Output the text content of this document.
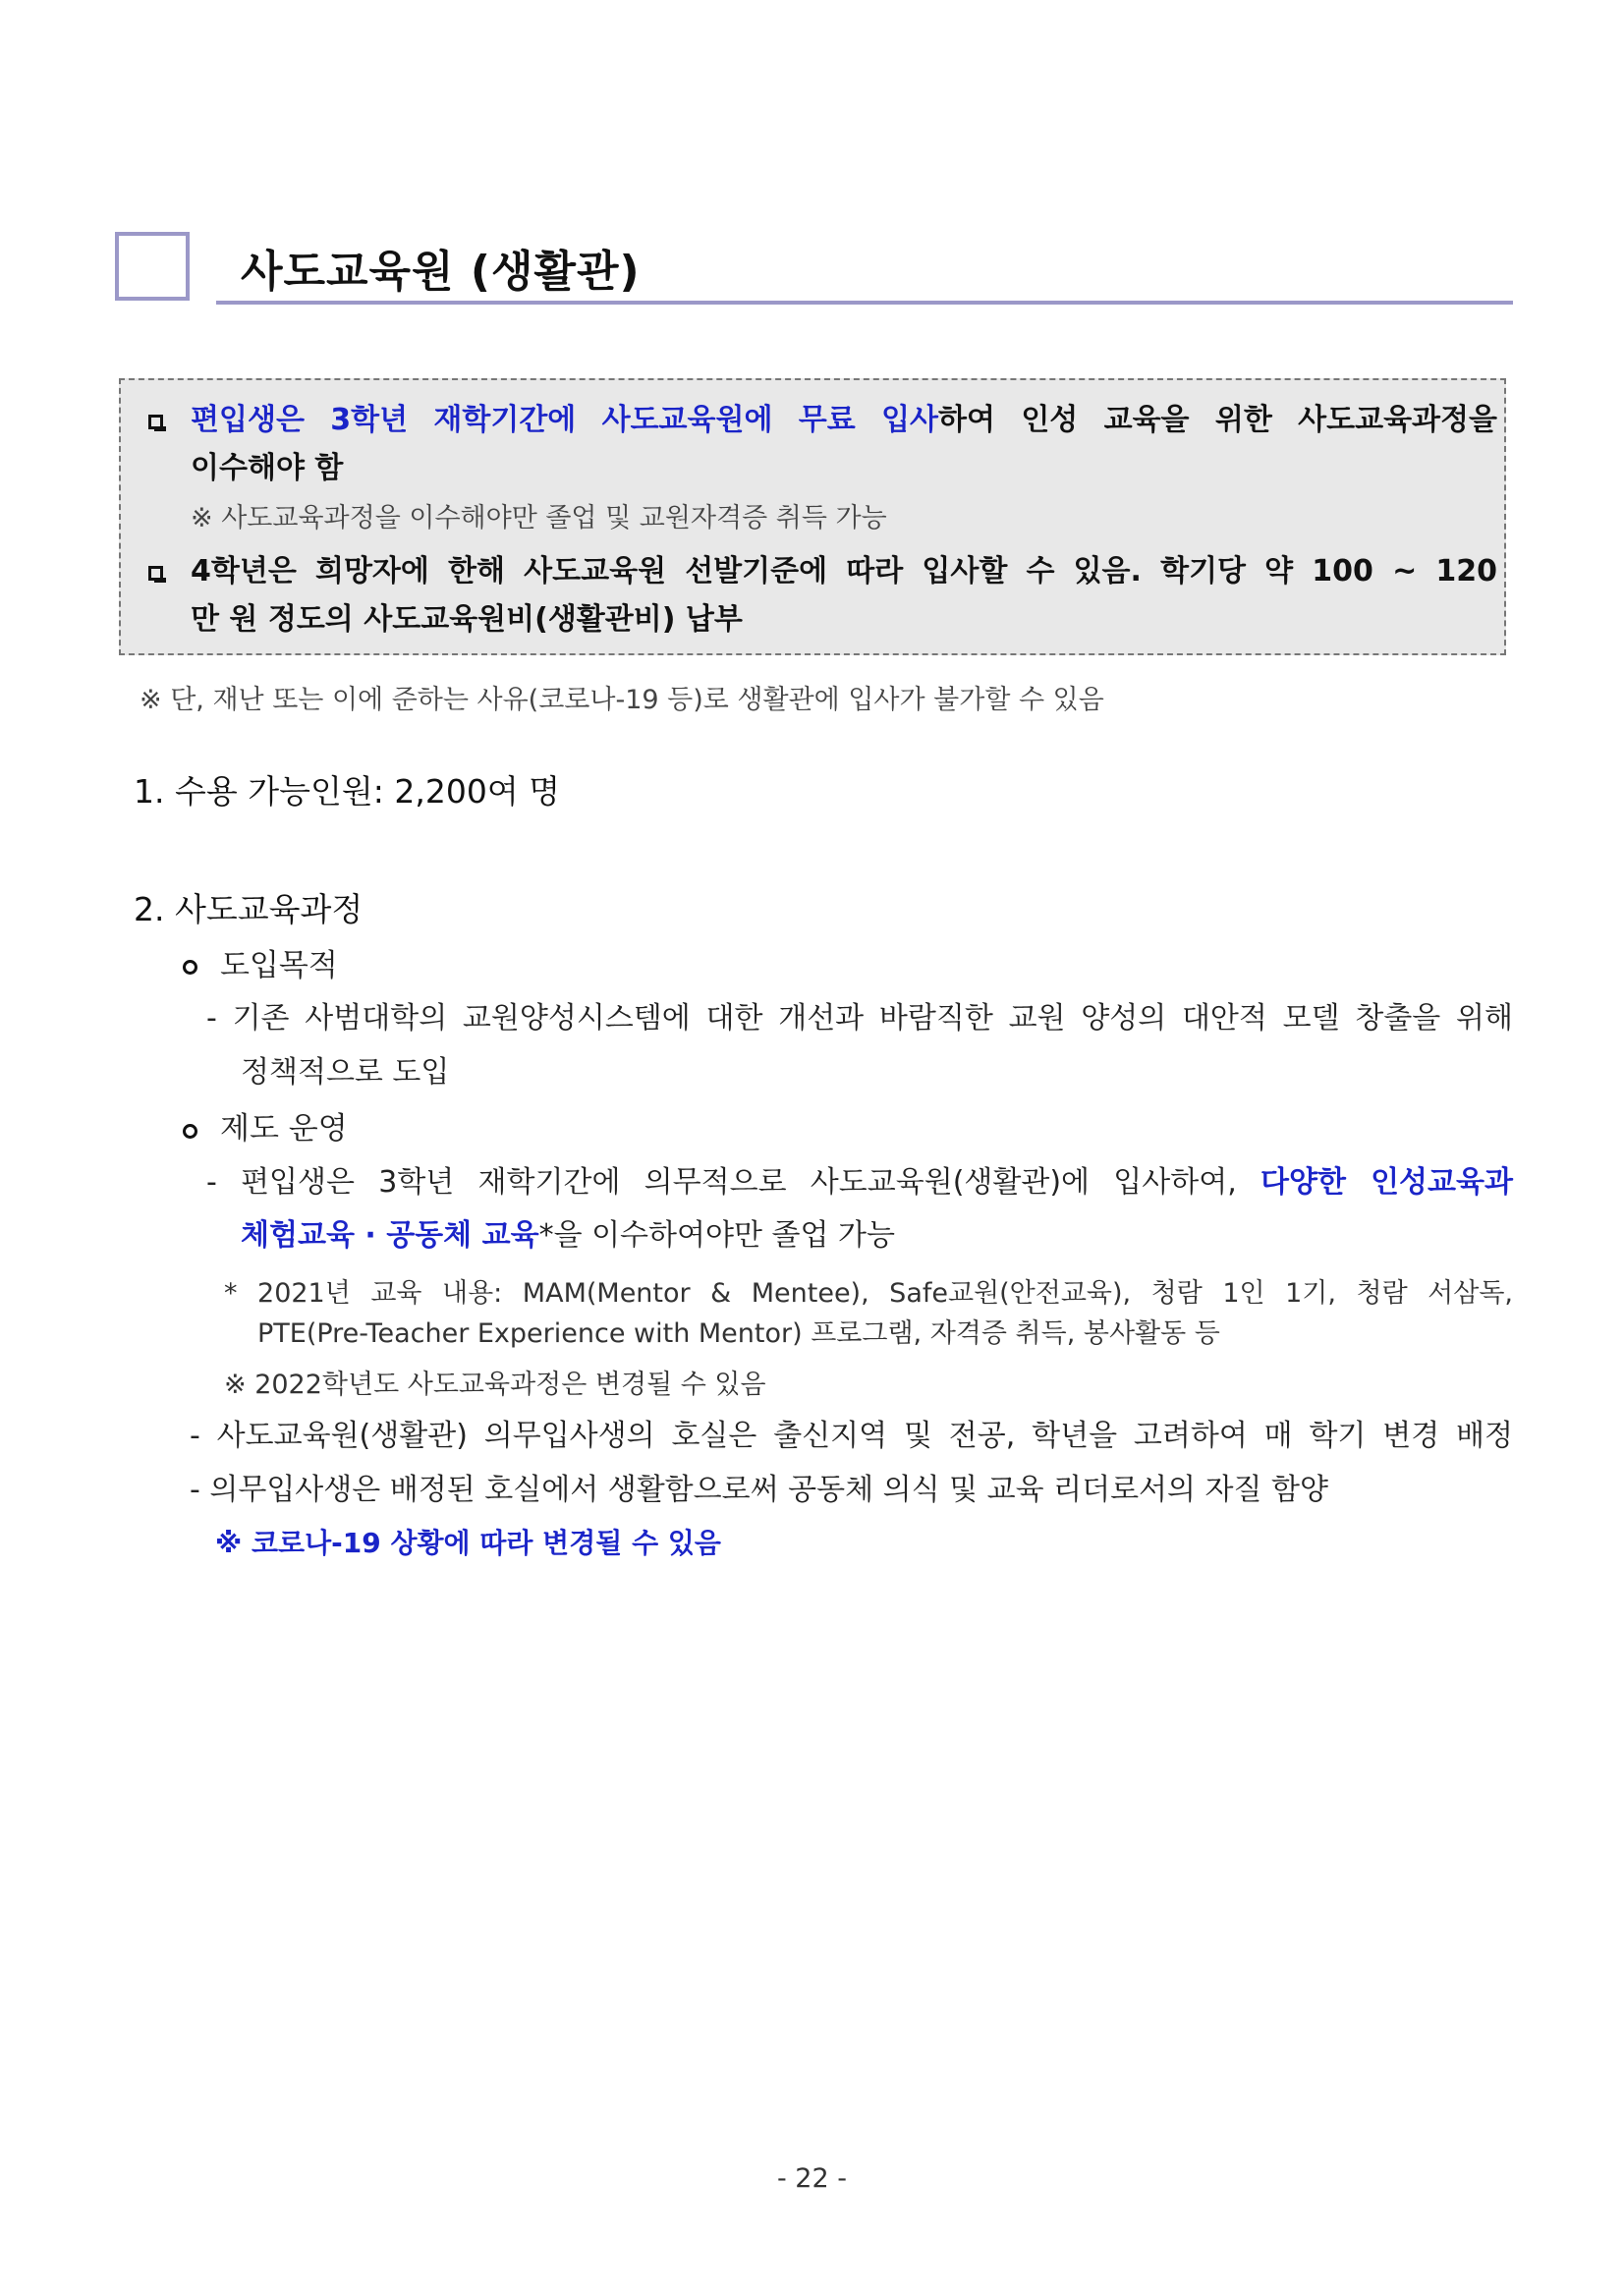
사도교육원 (생활관)
편입생은 3학년 재학기간에 사도교육원에 무료 입사하여 인성 교육을 위한 사도교육과정을
이수해야 함
※ 사도교육과정을 이수해야만 졸업 및 교원자격증 취득 가능
4학년은 희망자에 한해 사도교육원 선발기준에 따라 입사할 수 있음. 학기당 약 100 ~ 120
만 원 정도의 사도교육원비(생활관비) 납부
※ 단, 재난 또는 이에 준하는 사유(코로나-19 등)로 생활관에 입사가 불가할 수 있음
1. 수용 가능인원: 2,200여 명
2. 사도교육과정
도입목적
- 기존 사범대학의 교원양성시스템에 대한 개선과 바람직한 교원 양성의 대안적 모델 창출을 위해
정책적으로 도입
제도 운영
- 편입생은 3학년 재학기간에 의무적으로 사도교육원(생활관)에 입사하여, 다양한 인성교육과
체험교육 · 공동체 교육*을 이수하여야만 졸업 가능
* 2021년 교육 내용: MAM(Mentor & Mentee), Safe교원(안전교육), 청람 1인 1기, 청람 서삼독,
PTE(Pre-Teacher Experience with Mentor) 프로그램, 자격증 취득, 봉사활동 등
※ 2022학년도 사도교육과정은 변경될 수 있음
- 사도교육원(생활관) 의무입사생의 호실은 출신지역 및 전공, 학년을 고려하여 매 학기 변경 배정
- 의무입사생은 배정된 호실에서 생활함으로써 공동체 의식 및 교육 리더로서의 자질 함양
※ 코로나-19 상황에 따라 변경될 수 있음
- 22 -
